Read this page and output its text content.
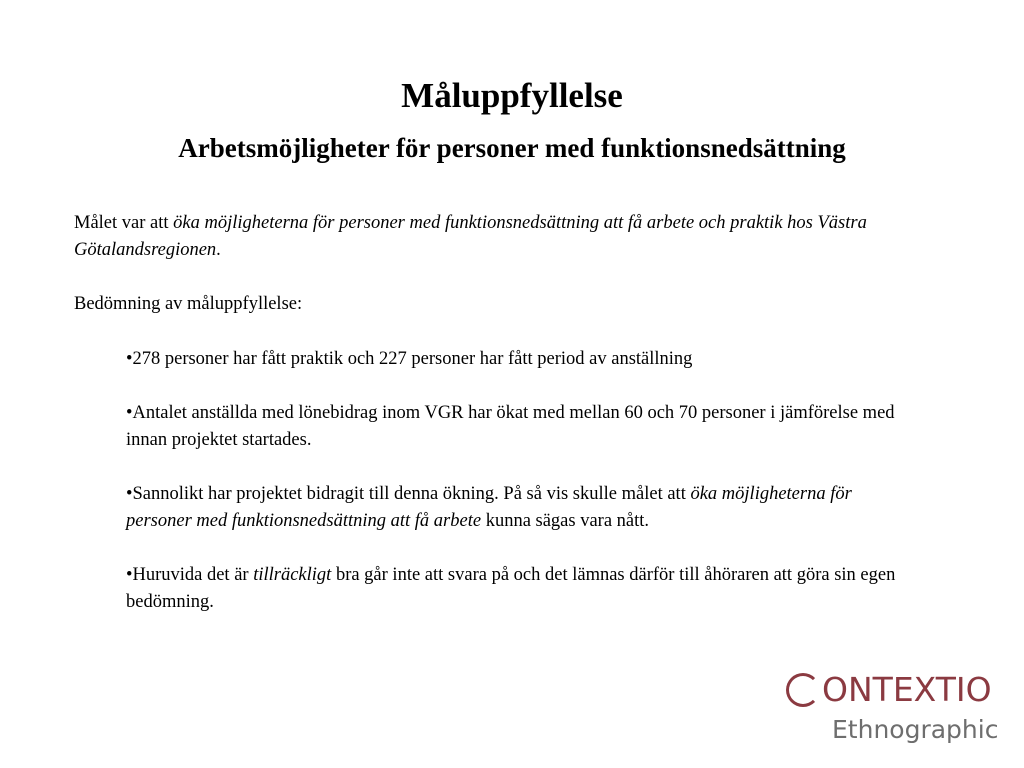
Måluppfyllelse
Arbetsmöjligheter för personer med funktionsnedsättning
Målet var att öka möjligheterna för personer med funktionsnedsättning att få arbete och praktik hos Västra Götalandsregionen.
Bedömning av måluppfyllelse:
•278 personer har fått praktik och 227 personer har fått period av anställning
•Antalet anställda med lönebidrag inom VGR har ökat med mellan 60 och 70 personer i jämförelse med innan projektet startades.
•Sannolikt har projektet bidragit till denna ökning. På så vis skulle målet att öka möjligheterna för personer med funktionsnedsättning att få arbete kunna sägas vara nått.
•Huruvida det är tillräckligt bra går inte att svara på och det lämnas därför till åhöraren att göra sin egen bedömning.
ONTEXTIO
Ethnographic
